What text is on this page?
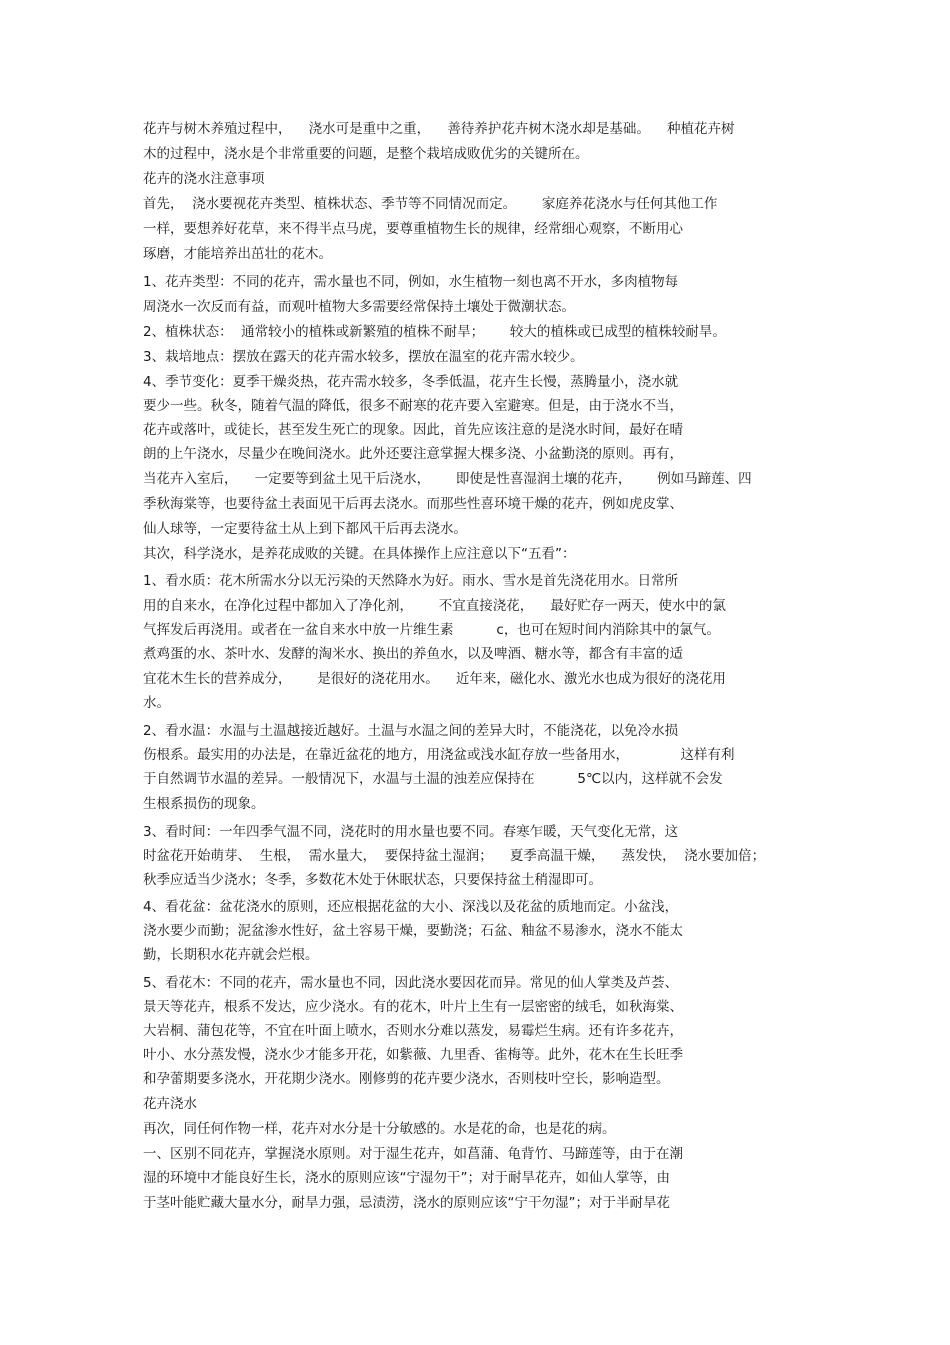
花卉与树木养殖过程中，    浇水可是重中之重，    善待养护花卉树木浇水却是基础。    种植花卉树

木的过程中，浇水是个非常重要的问题，是整个栽培成败优劣的关键所在。

花卉的浇水注意事项

首先，  浇水要视花卉类型、植株状态、季节等不同情况而定。      家庭养花浇水与任何其他工作

一样，要想养好花草，来不得半点马虎，要尊重植物生长的规律，经常细心观察，不断用心

琢磨，才能培养出茁壮的花木。

1、花卉类型：不同的花卉，需水量也不同，例如，水生植物一刻也离不开水，多肉植物每

周浇水一次反而有益，而观叶植物大多需要经常保持土壤处于微潮状态。

2、植株状态：  通常较小的植株或新繁殖的植株不耐旱；      较大的植株或已成型的植株较耐旱。

3、栽培地点：摆放在露天的花卉需水较多，摆放在温室的花卉需水较少。

4、季节变化：夏季干燥炎热，花卉需水较多，冬季低温，花卉生长慢，蒸腾量小，浇水就

要少一些。秋冬，随着气温的降低，很多不耐寒的花卉要入室避寒。但是，由于浇水不当，

花卉或落叶，或徒长，甚至发生死亡的现象。因此，首先应该注意的是浇水时间，最好在晴

朗的上午浇水，尽量少在晚间浇水。此外还要注意掌握大棵多浇、小盆勤浇的原则。再有，

当花卉入室后，    一定要等到盆土见干后浇水，      即使是性喜湿润土壤的花卉，      例如马蹄莲、四

季秋海棠等，也要待盆土表面见干后再去浇水。而那些性喜环境干燥的花卉，例如虎皮掌、

仙人球等，一定要待盆土从上到下都风干后再去浇水。

其次，科学浇水，是养花成败的关键。在具体操作上应注意以下“五看”：

1、看水质：花木所需水分以无污染的天然降水为好。雨水、雪水是首先浇花用水。日常所

用的自来水，在净化过程中都加入了净化剂，      不宜直接浇花，    最好贮存一两天，使水中的氯

气挥发后再浇用。或者在一盆自来水中放一片维生素          c，也可在短时间内消除其中的氯气。

煮鸡蛋的水、茶叶水、发酵的淘米水、换出的养鱼水，以及啤酒、糖水等，都含有丰富的适

宜花木生长的营养成分，      是很好的浇花用水。    近年来，磁化水、激光水也成为很好的浇花用

水。

2、看水温：水温与土温越接近越好。土温与水温之间的差异大时，不能浇花，以免冷水损

伤根系。最实用的办法是，在靠近盆花的地方，用浇盆或浅水缸存放一些备用水，            这样有利

于自然调节水温的差异。一般情况下，水温与土温的浊差应保持在          5℃以内，这样就不会发

生根系损伤的现象。

3、看时间：一年四季气温不同，浇花时的用水量也要不同。春寒乍暖，天气变化无常，这

时盆花开始萌芽、  生根，  需水量大，  要保持盆土湿润；    夏季高温干燥，    蒸发快，  浇水要加倍；

秋季应适当少浇水；冬季，多数花木处于休眠状态，只要保持盆土稍湿即可。

4、看花盆：盆花浇水的原则，还应根据花盆的大小、深浅以及花盆的质地而定。小盆浅，

浇水要少而勤；泥盆渗水性好，盆土容易干燥，要勤浇；石盆、釉盆不易渗水，浇水不能太

勤，长期积水花卉就会烂根。

5、看花木：不同的花卉，需水量也不同，因此浇水要因花而异。常见的仙人掌类及芦荟、

景天等花卉，根系不发达，应少浇水。有的花木，叶片上生有一层密密的绒毛，如秋海棠、

大岩桐、蒲包花等，不宜在叶面上喷水，否则水分难以蒸发，易霉烂生病。还有许多花卉，

叶小、水分蒸发慢，浇水少才能多开花，如紫薇、九里香、雀梅等。此外，花木在生长旺季

和孕蕾期要多浇水，开花期少浇水。刚修剪的花卉要少浇水，否则枝叶空长，影响造型。

花卉浇水

再次，同任何作物一样，花卉对水分是十分敏感的。水是花的命，也是花的病。

一、区别不同花卉，掌握浇水原则。对于湿生花卉，如菖蒲、龟背竹、马蹄莲等，由于在潮

湿的环境中才能良好生长，浇水的原则应该“宁湿勿干”；对于耐旱花卉，如仙人掌等，由

于茎叶能贮藏大量水分，耐旱力强，忌渍涝，浇水的原则应该“宁干勿湿”；对于半耐旱花
